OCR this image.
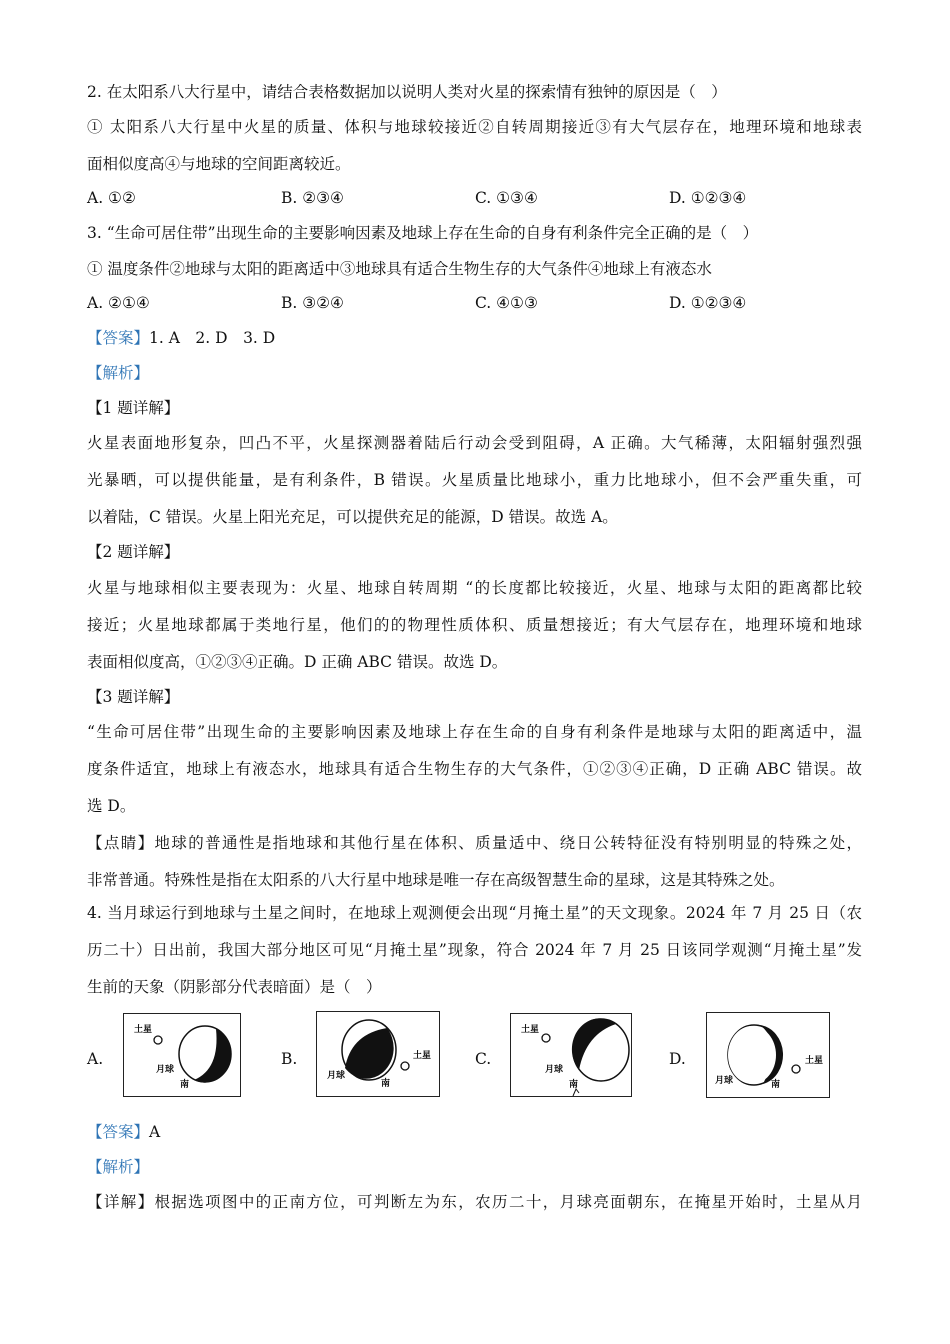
2. 在太阳系八大行星中，请结合表格数据加以说明人类对火星的探索情有独钟的原因是（　）
① 太阳系八大行星中火星的质量、体积与地球较接近②自转周期接近③有大气层存在，地理环境和地球表
面相似度高④与地球的空间距离较近。
A. ①②	B. ②③④	C. ①③④	D. ①②③④
3. “生命可居住带”出现生命的主要影响因素及地球上存在生命的自身有利条件完全正确的是（　）
① 温度条件②地球与太阳的距离适中③地球具有适合生物生存的大气条件④地球上有液态水
A. ②①④	B. ③②④	C. ④①③	D. ①②③④
【答案】1. A　2. D　3. D
【解析】
【1 题详解】
火星表面地形复杂，凹凸不平，火星探测器着陆后行动会受到阻碍，A 正确。大气稀薄，太阳辐射强烈强
光暴晒，可以提供能量，是有利条件，B 错误。火星质量比地球小，重力比地球小，但不会严重失重，可
以着陆，C 错误。火星上阳光充足，可以提供充足的能源，D 错误。故选 A。
【2 题详解】
火星与地球相似主要表现为：火星、地球自转周期 “的长度都比较接近，火星、地球与太阳的距离都比较
接近；火星地球都属于类地行星，他们的的物理性质体积、质量想接近；有大气层存在，地理环境和地球
表面相似度高，①②③④正确。D 正确 ABC 错误。故选 D。
【3 题详解】
“生命可居住带”出现生命的主要影响因素及地球上存在生命的自身有利条件是地球与太阳的距离适中，温
度条件适宜，地球上有液态水，地球具有适合生物生存的大气条件，①②③④正确，D 正确 ABC 错误。故
选 D。
【点睛】地球的普通性是指地球和其他行星在体积、质量适中、绕日公转特征没有特别明显的特殊之处，
非常普通。特殊性是指在太阳系的八大行星中地球是唯一存在高级智慧生命的星球，这是其特殊之处。
4. 当月球运行到地球与土星之间时，在地球上观测便会出现“月掩土星”的天文现象。2024 年 7 月 25 日（农
历二十）日出前，我国大部分地区可见“月掩土星”现象，符合 2024 年 7 月 25 日该同学观测“月掩土星”发
生前的天象（阴影部分代表暗面）是（　）
A.
土星
月球
南
B.	土星
月球
南
C.
土星
月球
南
D.	土星
月球	南
【答案】A
【解析】
【详解】根据选项图中的正南方位，可判断左为东，农历二十，月球亮面朝东，在掩星开始时，土星从月
